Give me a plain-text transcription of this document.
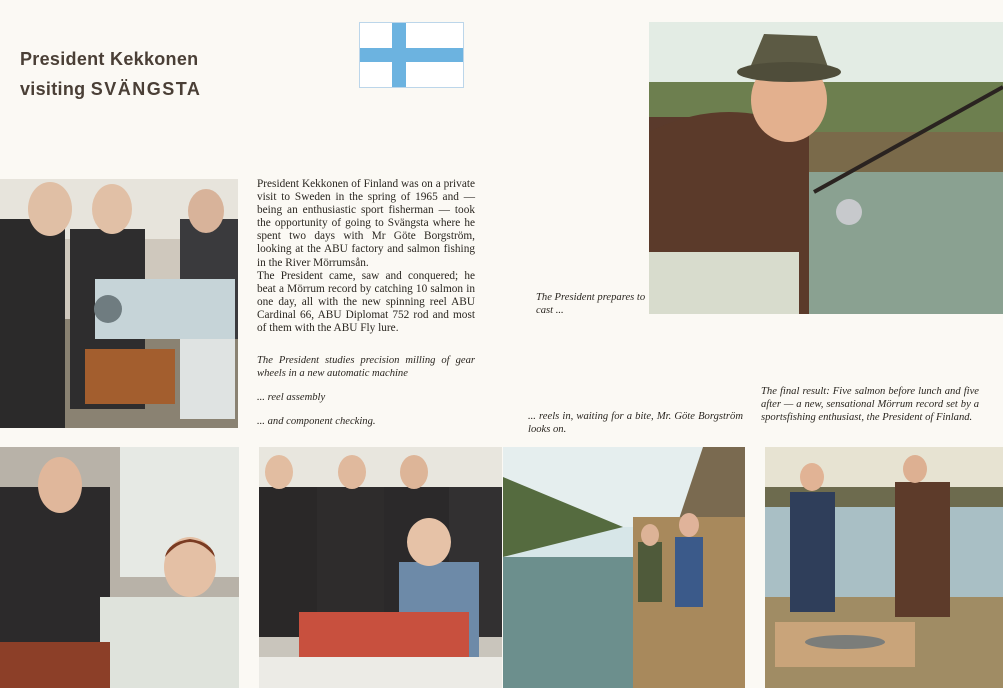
President Kekkonen
visiting SVÄNGSTA

President Kekkonen of Finland was on a private visit to Sweden in the spring of 1965 and — being an enthusiastic sport fisherman — took the opportunity of going to Svängsta where he spent two days with Mr Göte Borgström, looking at the ABU factory and salmon fishing in the River Mörrumsån.

The President came, saw and conquered; he beat a Mörrum record by catching 10 salmon in one day, all with the new spinning reel ABU Cardinal 66, ABU Diplomat 752 rod and most of them with the ABU Fly lure.

The President studies precision milling of gear wheels in a new automatic machine
... reel assembly
... and component checking.
The President prepares to cast ...
... reels in, waiting for a bite, Mr. Göte Borgström looks on.
The final result: Five salmon before lunch and five after — a new, sensational Mörrum record set by a sportsfishing enthusiast, the President of Finland.
